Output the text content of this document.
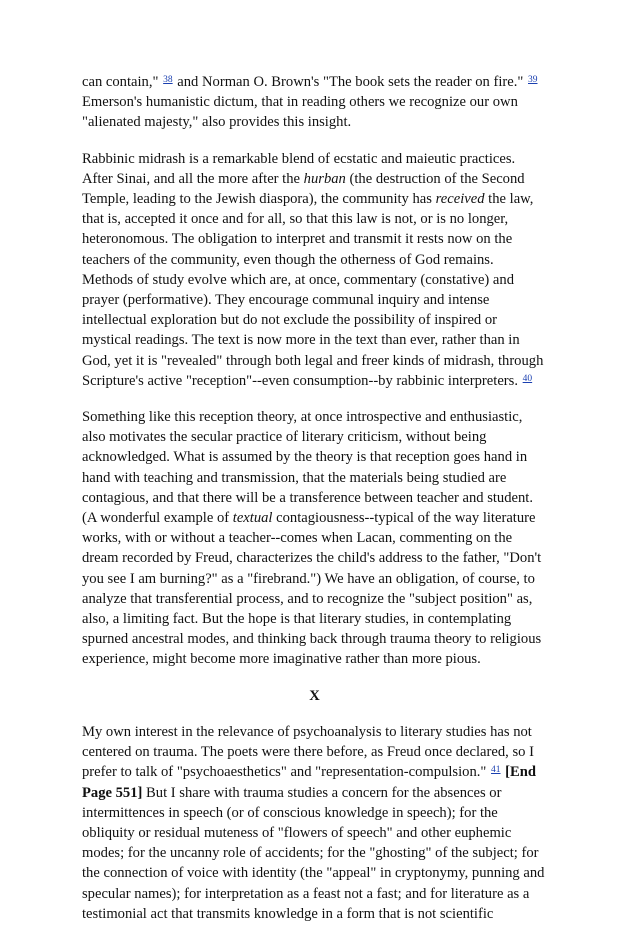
can contain," $^{38}$ and Norman O. Brown's "The book sets the reader on fire." $^{39}$ Emerson's humanistic dictum, that in reading others we recognize our own "alienated majesty," also provides this insight.

Rabbinic midrash is a remarkable blend of ecstatic and maieutic practices. After Sinai, and all the more after the hurban (the destruction of the Second Temple, leading to the Jewish diaspora), the community has received the law, that is, accepted it once and for all, so that this law is not, or is no longer, heteronomous. The obligation to interpret and transmit it rests now on the teachers of the community, even though the otherness of God remains. Methods of study evolve which are, at once, commentary (constative) and prayer (performative). They encourage communal inquiry and intense intellectual exploration but do not exclude the possibility of inspired or mystical readings. The text is now more in the text than ever, rather than in God, yet it is "revealed" through both legal and freer kinds of midrash, through Scripture's active "reception"--even consumption--by rabbinic interpreters. $^{40}$

Something like this reception theory, at once introspective and enthusiastic, also motivates the secular practice of literary criticism, without being acknowledged. What is assumed by the theory is that reception goes hand in hand with teaching and transmission, that the materials being studied are contagious, and that there will be a transference between teacher and student. (A wonderful example of textual contagiousness--typical of the way literature works, with or without a teacher--comes when Lacan, commenting on the dream recorded by Freud, characterizes the child's address to the father, "Don't you see I am burning?" as a "firebrand.") We have an obligation, of course, to analyze that transferential process, and to recognize the "subject position" as, also, a limiting fact. But the hope is that literary studies, in contemplating spurned ancestral modes, and thinking back through trauma theory to religious experience, might become more imaginative rather than more pious.

X

My own interest in the relevance of psychoanalysis to literary studies has not centered on trauma. The poets were there before, as Freud once declared, so I prefer to talk of "psychoaesthetics" and "representation-compulsion." $^{41}$ [End Page 551] But I share with trauma studies a concern for the absences or intermittences in speech (or of conscious knowledge in speech); for the obliquity or residual muteness of "flowers of speech" and other euphemic modes; for the uncanny role of accidents; for the "ghosting" of the subject; for the connection of voice with identity (the "appeal" in cryptonymy, punning and specular names); for interpretation as a feast not a fast; and for literature as a testimonial act that transmits knowledge in a form that is not scientific
